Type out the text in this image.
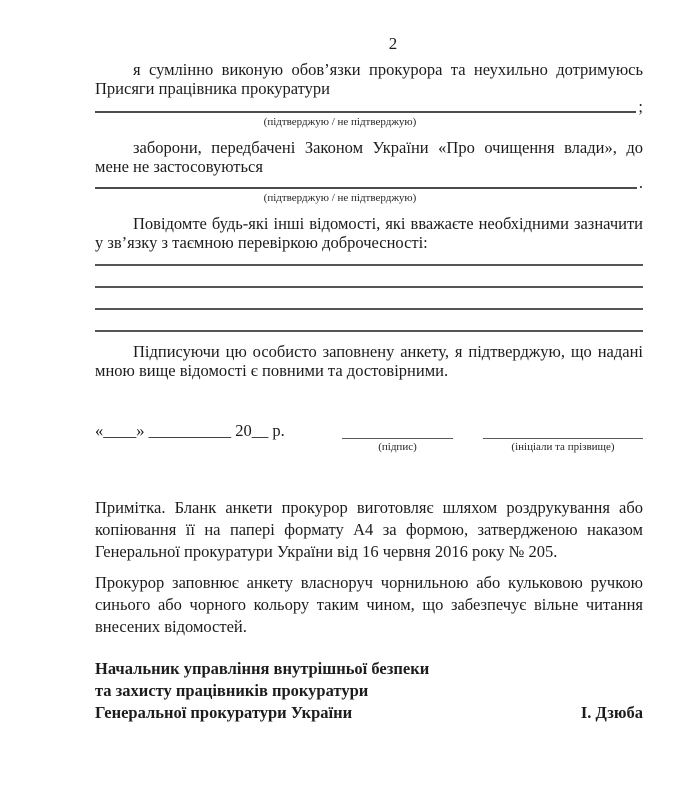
2
я сумлінно виконую обов’язки прокурора та неухильно дотримуюсь Присяги працівника прокуратури
;
(підтверджую / не підтверджую)
заборони, передбачені Законом України «Про очищення влади», до мене не застосовуються
.
(підтверджую / не підтверджую)
Повідомте будь-які інші відомості, які вважаєте необхідними зазначити у зв’язку з таємною перевіркою доброчесності:
Підписуючи цю особисто заповнену анкету, я підтверджую, що надані мною вище відомості є повними та достовірними.
«____» __________ 20__ р.
(підпис)	(ініціали та прізвище)
Примітка. Бланк анкети прокурор виготовляє шляхом роздрукування або копіювання її на папері формату А4 за формою, затвердженою наказом Генеральної прокуратури України від 16 червня 2016 року № 205.
Прокурор заповнює анкету власноруч чорнильною або кульковою ручкою синього або чорного кольору таким чином, що забезпечує вільне читання внесених відомостей.
Начальник управління внутрішньої безпеки
та захисту працівників прокуратури
Генеральної прокуратури України	І. Дзюба
